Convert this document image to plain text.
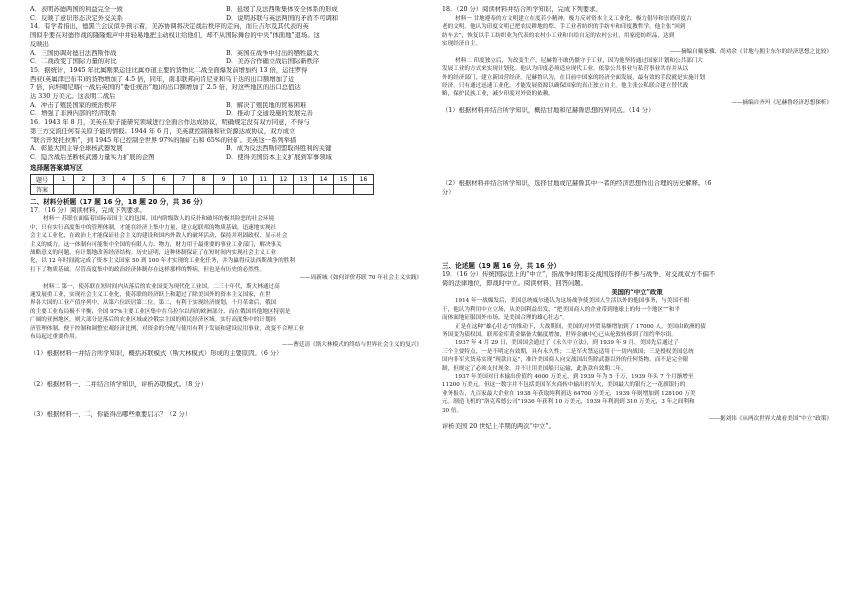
A．表明苏德两国的利益完全一致	B．延缓了反法西斯集体安全体系的形成
C．反映了意识形态决定外交关系	D．说明苏联与英法两国的矛盾不可调和

14．有学者指出，德黑兰会议似乎预示着，美苏协调将决定战后秩序的走向，而丘吉尔及其代表的英

国似乎要在对德作战的隆隆炮声中并轻易地把主动权让给他们，却不从国际舞台的中央“体面地”退场。这

反映出

A．三国协调对德日法西斯作战	B．英国在战争中付出的牺牲最大
C．二战改变了国际力量的对比	D．美苏合作确立战后国际新秩序

15．据统计，1945 年比属刚果运往比属亦道主要的货物比二战全面爆发前增加约 13 倍，运往罗得

西亚(英属津巴布韦)的货物增加了 4.5 倍，同年，南非联邦向肯尼亚和乌干达的出口额增加了近

7 倍，向坦噶尼喀(一战后英国的“委任统治”地)的出口额增加了 2.5 倍，对这些地区的出口总值达

达 330 万美元。这表明二战后

A．冲击了殖民国家的统治秩序	B．解决了殖民地的贸易困难
C．增强了非洲内部的经济联系	D．推动了交通设施的发展完善

16．1943 年 8 月，美英在原子能研究领域进行全面合作达成协议，明确规定没有双方同意，不得与

第三方交流任何有关原子能的情报。1944 年 6 月，美英就控制铀和钍资源达成协议，双方成立

“联合开发托拉斯”，到 1945 年已控制全世界 97%的铀矿石和 65%的钍矿。美英这一系列举措

A．彰显大国主导全球核武器发展	B．成为反法西斯同盟取得胜利的关键
C．隐含战后垄断核武器力量实力扩展的企图	D．使得美国资本主义扩展到军事领域

选择题答案填写区

题号	1	2	3	4	5	6	7	8	9	10	11	12	13	14	15	16
答案																

二、材料分析题（17 题 16 分，18 题 20 分，共 36 分）

17．（16 分）阅读材料，完成下列要求。

材料一 苏联在面临着国际帝国主义的包围、国内阶级敌人的反扑和破坏的极其险恶的社会环境

中，只有实行高度集中的管理体制，才能在经济上集中力量，建立起联邦的物质基础，迅速地实现社

会主义工业化，在政治上才能保证社会主义的建设和国内外敌人的破坏活动，保持并巩固政权，显示社会

主义的威力。这一体制有可能集中全国的有限人力、物力，财力用于最重要的事业工业部门，解决事关

战略意义的问题，有计划地改善经济结构。历史证明，这种体制保证了在短时间内实现社会主义工业

化，以 12 年时间就完成了资本主义国家 50 到 100 年才实现的工业化任务，并为赢得反法西斯战争的胜利

打下了物质基础。尽管高度集中的政治经济体制存在这样那样的弊病，但也是有历史的必然性。

——周新城《如何评价苏联 70 年社会主义实践》

材料二 第一，使苏联在短时间内从落后的农业国变为现代化工业国。二三十年代，斯大林通过高

速发展重工业，实现社会主义工业化，使苏联的经济跃上和超过了除美国外的资本主义国家，在世

界各大国的工业产值序列中，从第六位跃居第二位。第二，有利于实现经济规划，十月革命后，俄国

的主要工业布局极不平衡，全国 97%主要工业区集中在乌拉尔以西的欧洲部分，而在俄国其他地区特别是

广阔的亚洲地区，则大部分是落后的农业区域或沙俄宗主国的殖民经济区域。实行高度集中的计划经

济管理体制，便于控制和调整宏观经济比例，对资金的分配与使用有利于发展和建设民用事业，改变不合理工业

布局起过重要作用。

——曹廷清《斯大林模式的终结与世界社会主义的复兴》

（1）根据材料一并结合所学知识，概括苏联模式（斯大林模式）形成的主要原因。（6 分）

（2）根据材料一、二并结合所学知识，评析苏联模式。（8 分）

（3）根据材料一、二，你能得出哪些重要启示？（2 分）

18．（20 分）阅读材料并结合所学知识，完成下列要求。

材料一 甘地遵奉的方文明建立在度若小精神，极力反对资本主义工业化，极力倡导和崇尚印度古

老的文明。他认为印度文明已把农民耕地的犁、手工业者纺织的手纺车和印度教哲学，他主张“回到

纺车去”，恢复以手工纺织业为代表的农村小工业和自给自足的农村公社，用家庭纺织品，达到

实现经济自主。

——摘编自戴家骥、尚劝余《甘地与拥主东尔的经济思想之比较》

材料二 印度独立后，为改变生产，尼赫鲁不敢仍僵守于工业，因为他坚持通过国家计划和公共部门大

发展工业的方式来实现计划化。他认为印度必须适应现代工业，依靠公共事业与私营事业共存并从以

外的经济部门，建立新国营经济。尼赫鲁认为，在目前中国家的经济全面发展，最有效的手段就是实施计划

经济。只有通过迅速工业化，才能发展资源以确保国家的真正独立自主。他主张公私联合建立替代战

略，保护民族工业，减少印度对外资的依赖。

——摘编自齐玛《尼赫鲁经济思想探析》

（1）根据材料并结合所学知识，概括甘地和尼赫鲁思想的异同点。（14 分）

（2）根据材料并结合所学知识，选择甘地或尼赫鲁其中一者的经济思想作出合理的历史解释。（6

分）

三、论述题（19 题 16 分，共 16 分）

19．（16 分）传统国际法上的“中立”，指战争时期非交战国选择的不参与战争、对交战双方不偏不

倚的法律地位，即战时中立。阅读材料，回答问题。

美国的“中立”政策

1914 年一战爆发后，美国总统威尔逊认为这场战争使美国人生活以外的他国事务，与美国不相

干，他认为利用中立立场，从美国利益出发，“把美国商人的企业带到地球上的每一个地区”“和平

而体面地征服国外市场，是美国合理的雄心壮志”。

正是在这种“雄心壮志”的推动下，大战期间，美国的对外贸易额增加到了 17000 人，美国由欧洲的债

务国变为债权国，联邦金库黄金储备大幅度增加，世界金融中心已从伦敦转移到了纽约华尔街。

1937 年 4 月 29 日，美国国会通过了《永久中立法》，到 1939 年 9 月，美国先后通过了

三个主要特点，一是不明定有效期，具有永久性；二是军火禁运适用于一切内战国；三是授权美国总统

国内非军火货易实现“现款自运”，准许美国商人向交战国出售除武器以外的任何货物，而不是完全限

制，但规定了必须支付现金，并不让用美国船只运输，此条款有效期二年。

1937 年美国对日本输出价值约 4600 万美元，到 1939 年为 5 千万，1939 年头 7 个月渐增至

11200 万美元。但这一数字并不包括美国军火商转中输出的军火，美国最大的银行之一花旗银行的

业务报告，九百家最大企业在 1938 年获取纯利润达 64700 万美元，1939 年则增加到 128100 万美

元。制造飞机的“洛克希德公司”1936 年获利 10 万美元，1939 年利润到 310 万美元，3 年之间利和

30 倍。

——据刘伟《从两次世界大战看美国“中立”政策》

评析美国 20 世纪上半期的两次“中立”。
